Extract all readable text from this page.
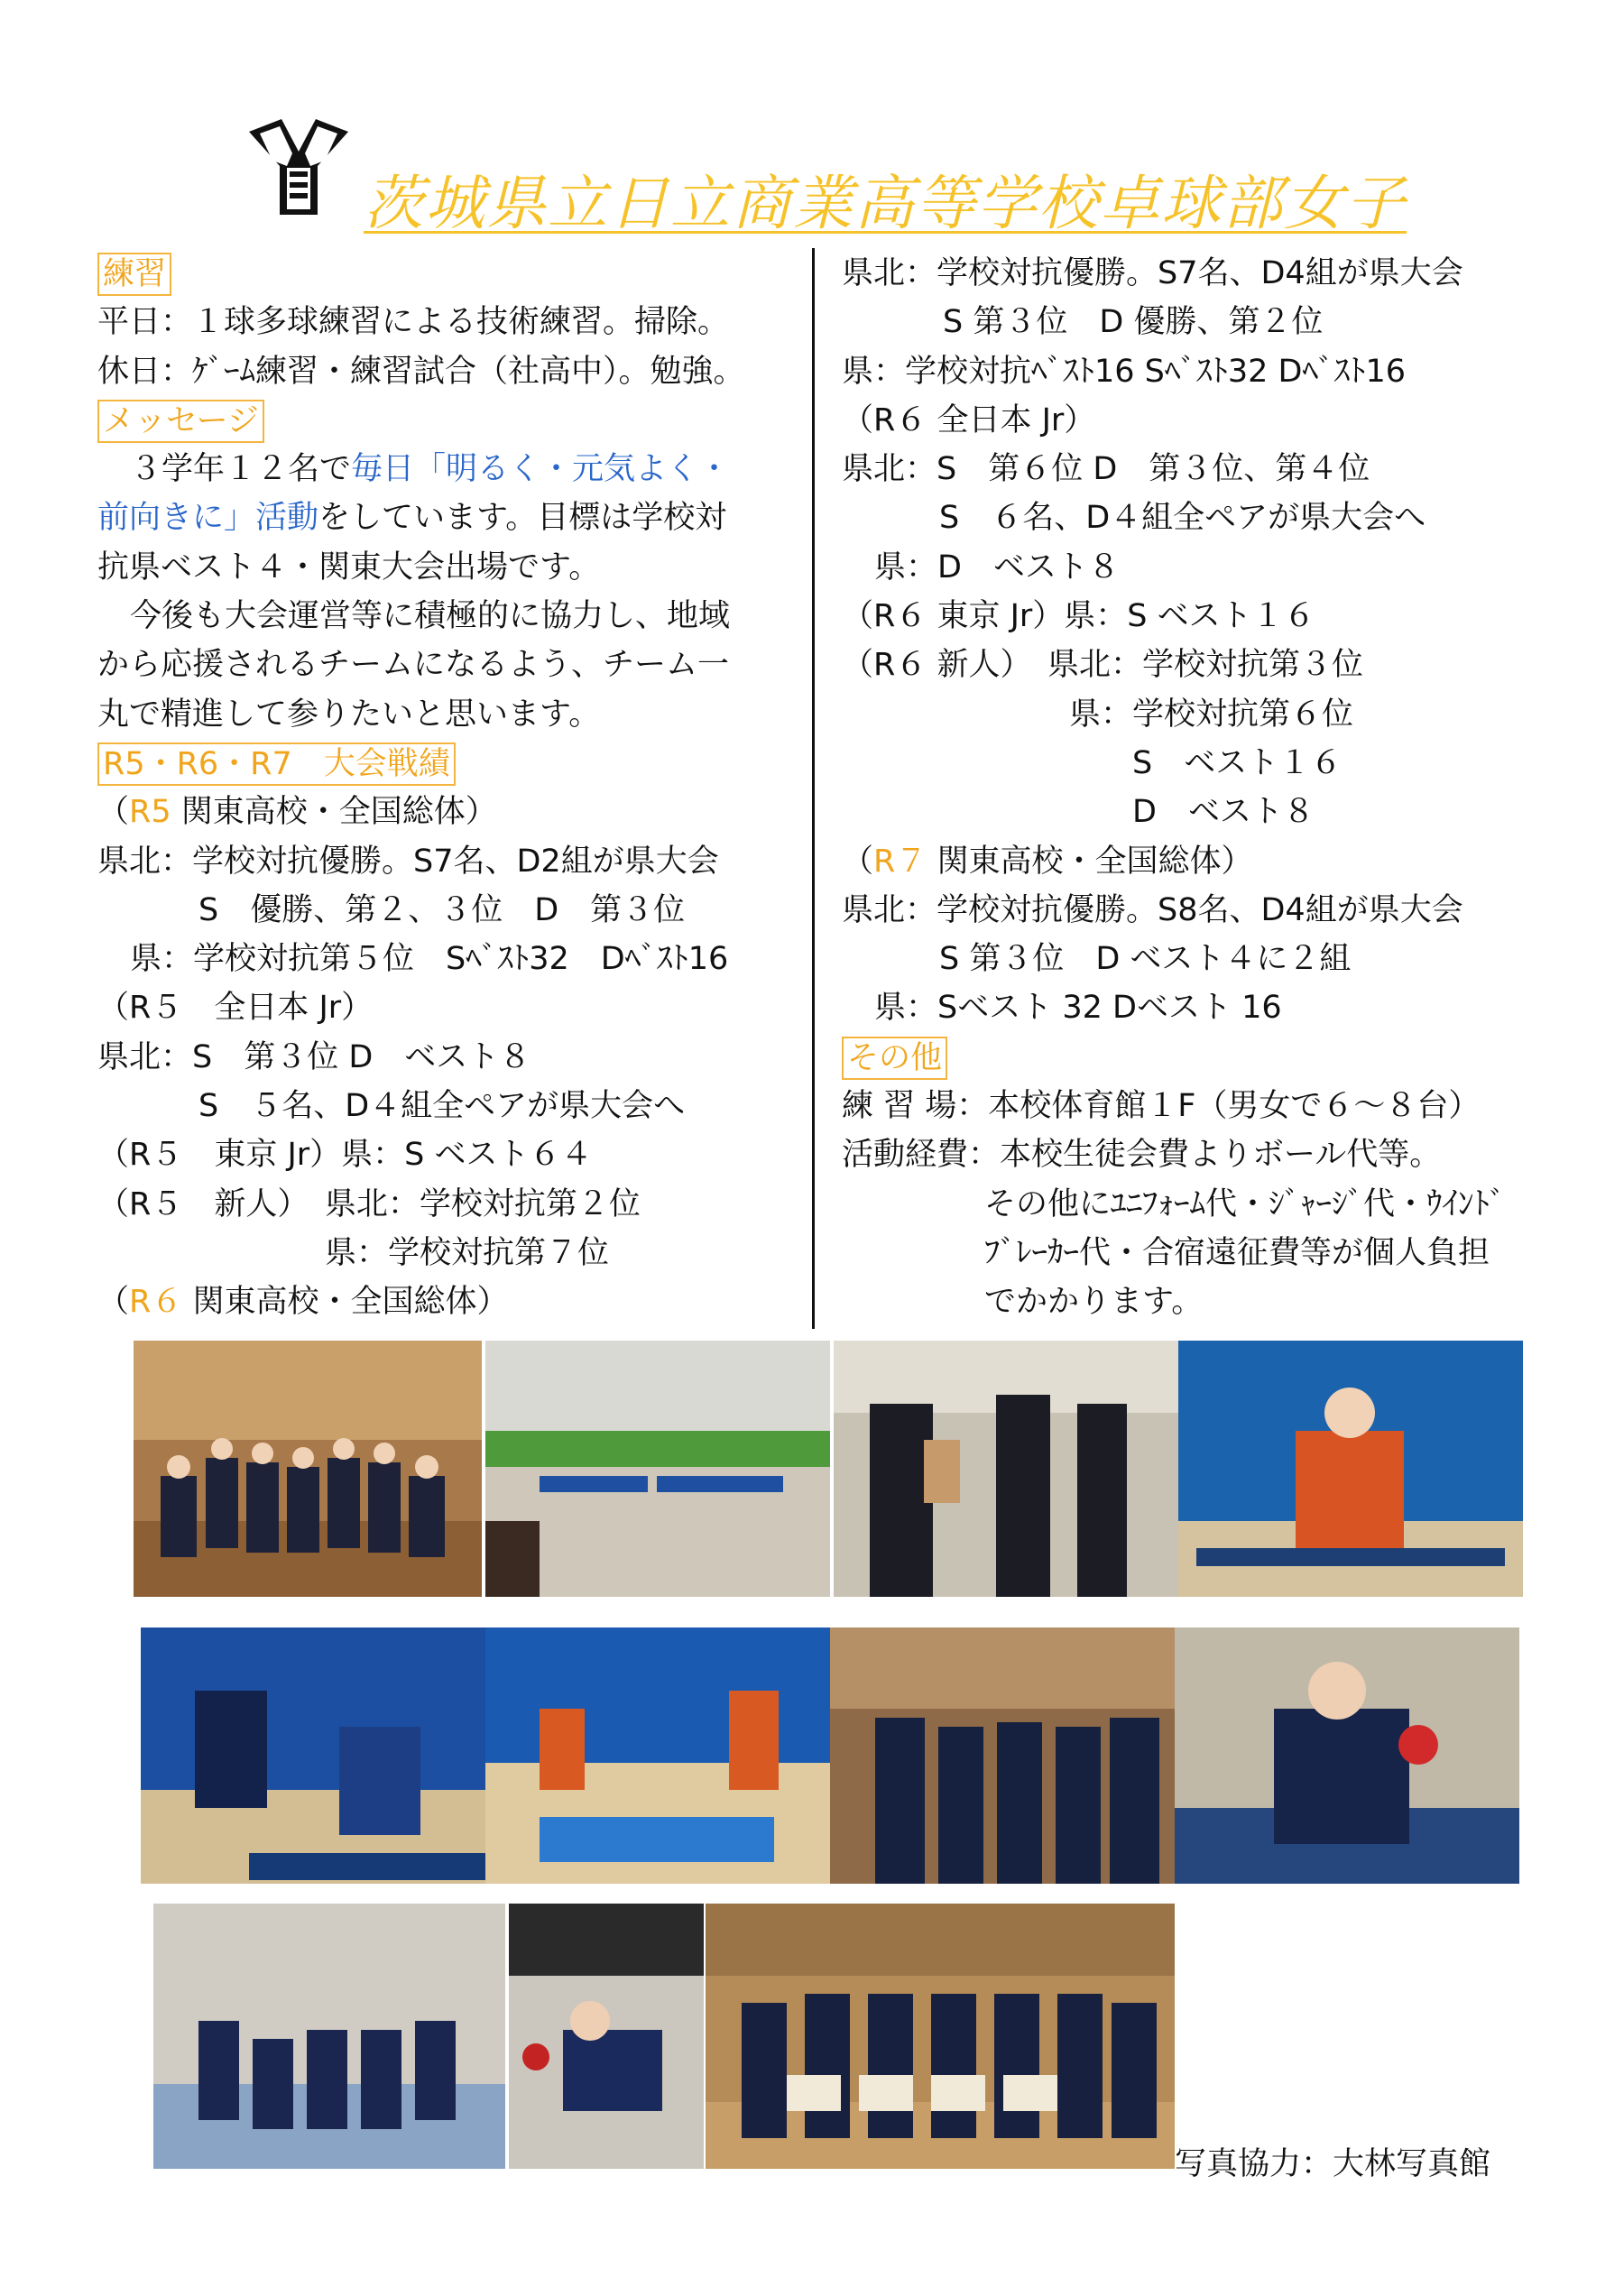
茨城県立日立商業高等学校卓球部女子
練習
平日：１球多球練習による技術練習。掃除。
休日：ｹﾞｰﾑ練習・練習試合（社高中）。勉強。
メッセージ
３学年１２名で毎日「明るく・元気よく・
前向きに」活動をしています。目標は学校対
抗県ベスト４・関東大会出場です。
今後も大会運営等に積極的に協力し、地域
から応援されるチームになるよう、チーム一
丸で精進して参りたいと思います。
R5・R6・R7　大会戦績
（R5 関東高校・全国総体）
県北：学校対抗優勝。S7名、D2組が県大会
S　優勝、第２、３位　D　第３位
県：学校対抗第５位　Sﾍﾞｽﾄ32　Dﾍﾞｽﾄ16
（R５　全日本 Jr）
県北：S　第３位 D　ベスト８
S　５名、D４組全ペアが県大会へ
（R５　東京 Jr）県：S ベスト６４
（R５　新人）　県北：学校対抗第２位
県：学校対抗第７位
（R６ 関東高校・全国総体）
県北：学校対抗優勝。S7名、D4組が県大会
S 第３位　D 優勝、第２位
県：学校対抗ﾍﾞｽﾄ16 Sﾍﾞｽﾄ32 Dﾍﾞｽﾄ16
（R６ 全日本 Jr）
県北：S　第６位 D　第３位、第４位
S　６名、D４組全ペアが県大会へ
県：D　ベスト８
（R６ 東京 Jr）県：S ベスト１６
（R６ 新人）　県北：学校対抗第３位
県：学校対抗第６位
S　ベスト１６
D　ベスト８
（R７ 関東高校・全国総体）
県北：学校対抗優勝。S8名、D4組が県大会
S 第３位　D ベスト４に２組
県：Sベスト 32 Dベスト 16
その他
練 習 場：本校体育館１F（男女で６～８台）
活動経費：本校生徒会費よりボール代等。
その他にﾕﾆﾌｫｰﾑ代・ｼﾞｬｰｼﾞ代・ｳｲﾝﾄﾞ
ﾌﾞﾚｰｶｰ代・合宿遠征費等が個人負担
でかかります。
写真協力：大林写真館
